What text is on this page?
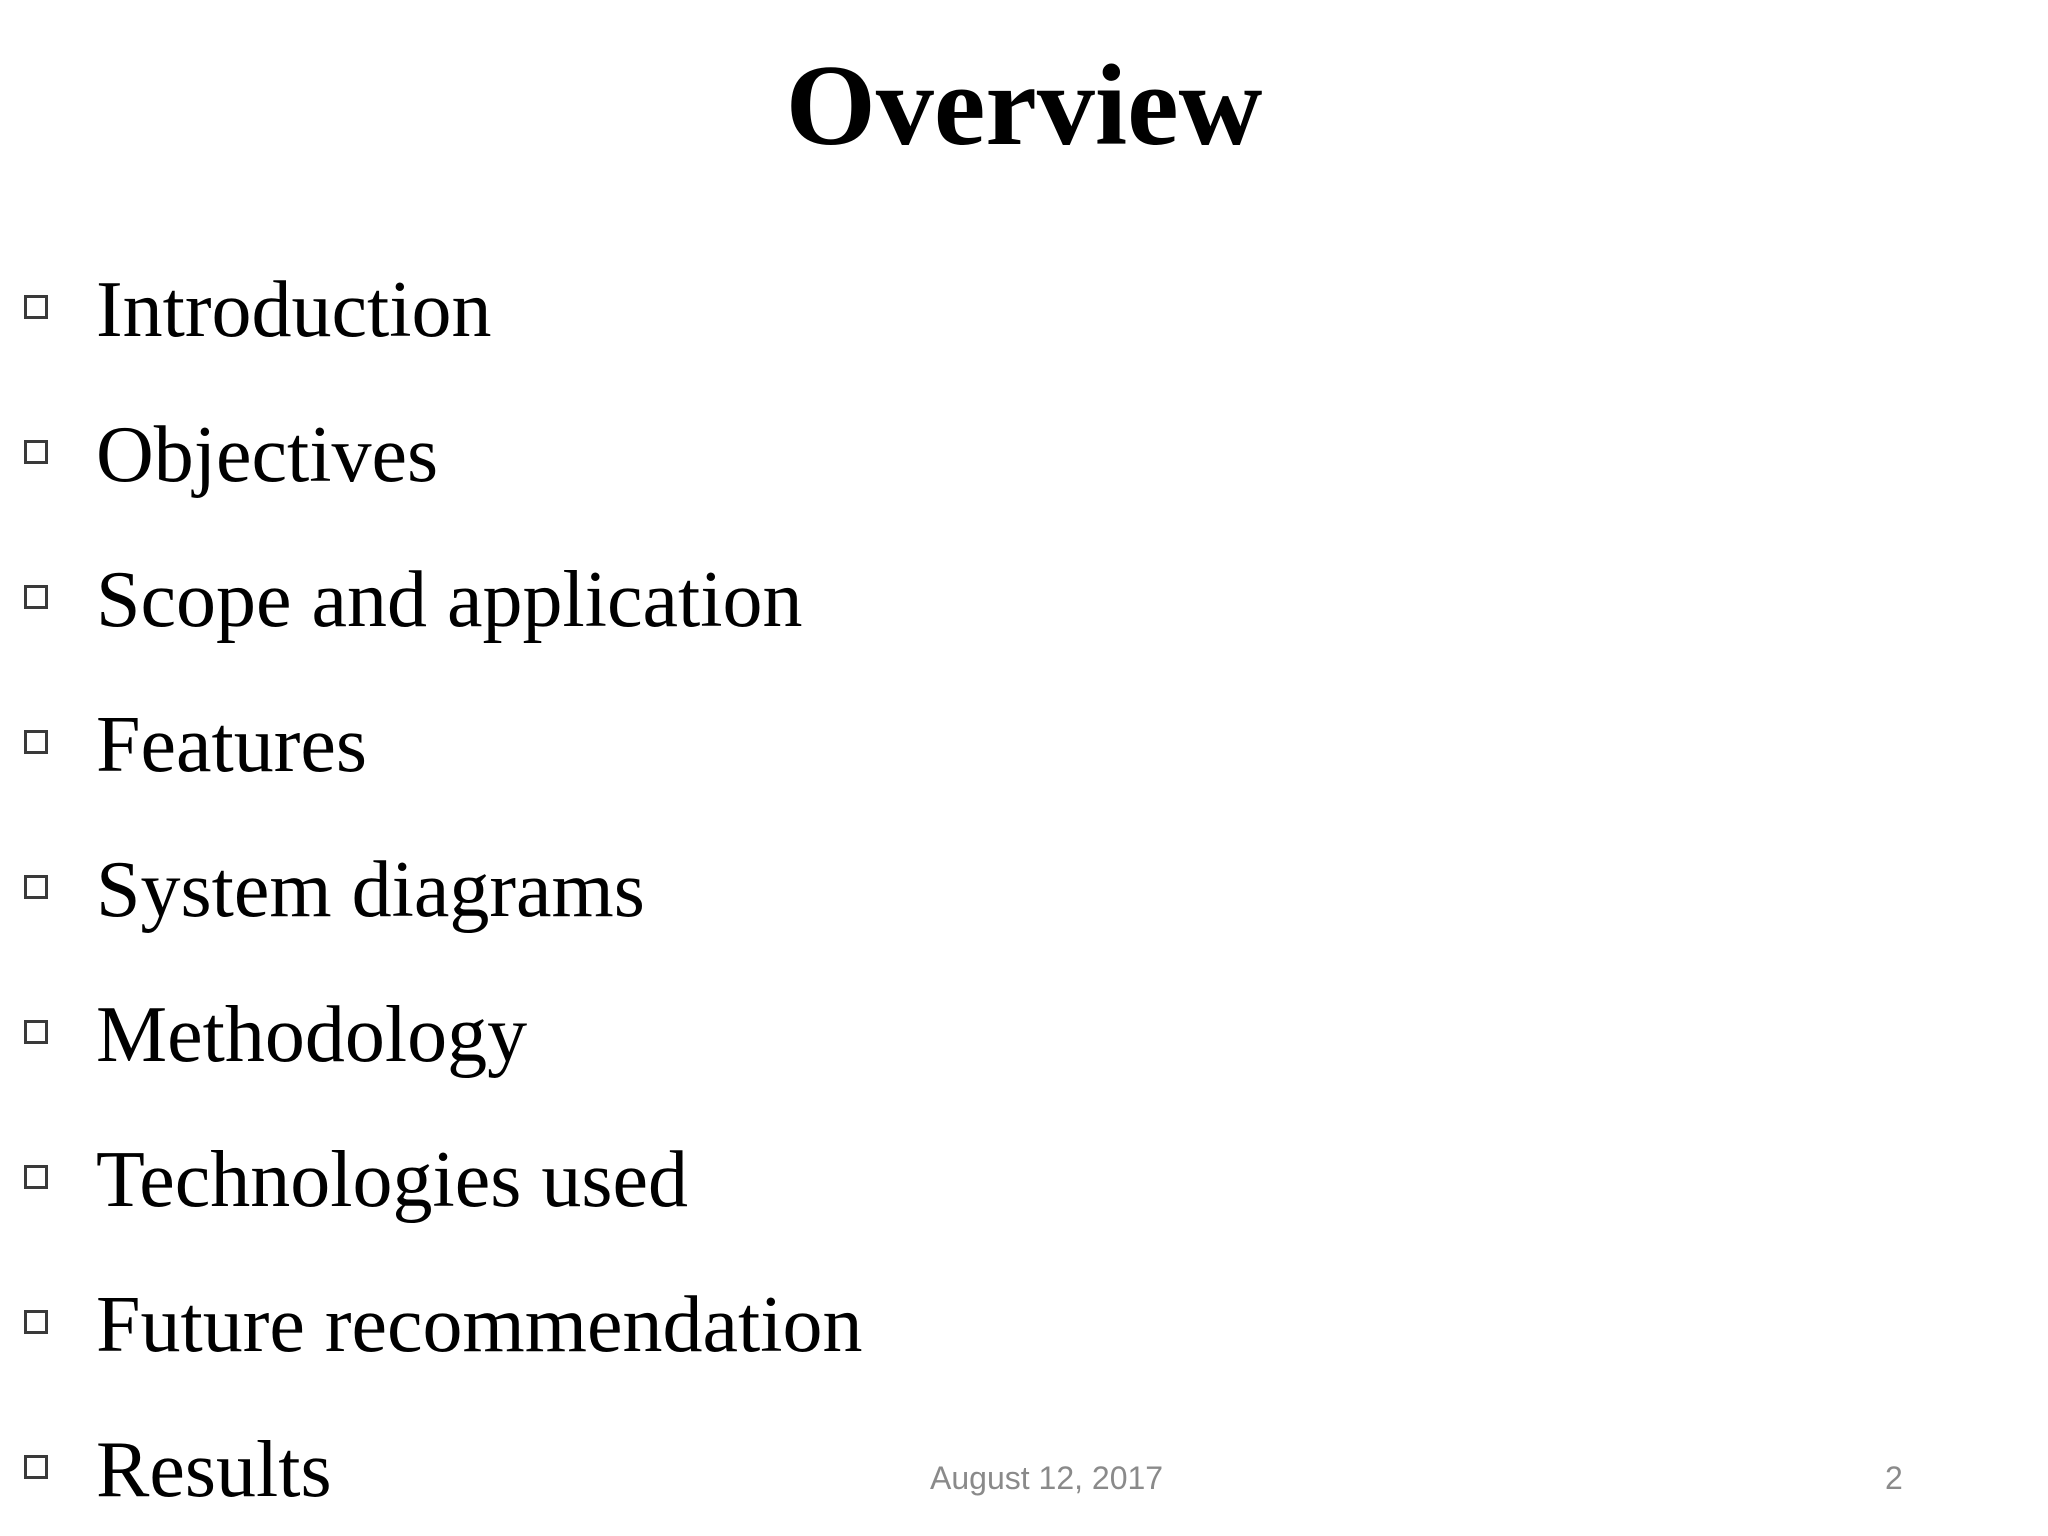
Overview
Introduction
Objectives
Scope and application
Features
System diagrams
Methodology
Technologies used
Future recommendation
Results	August 12, 2017	2
